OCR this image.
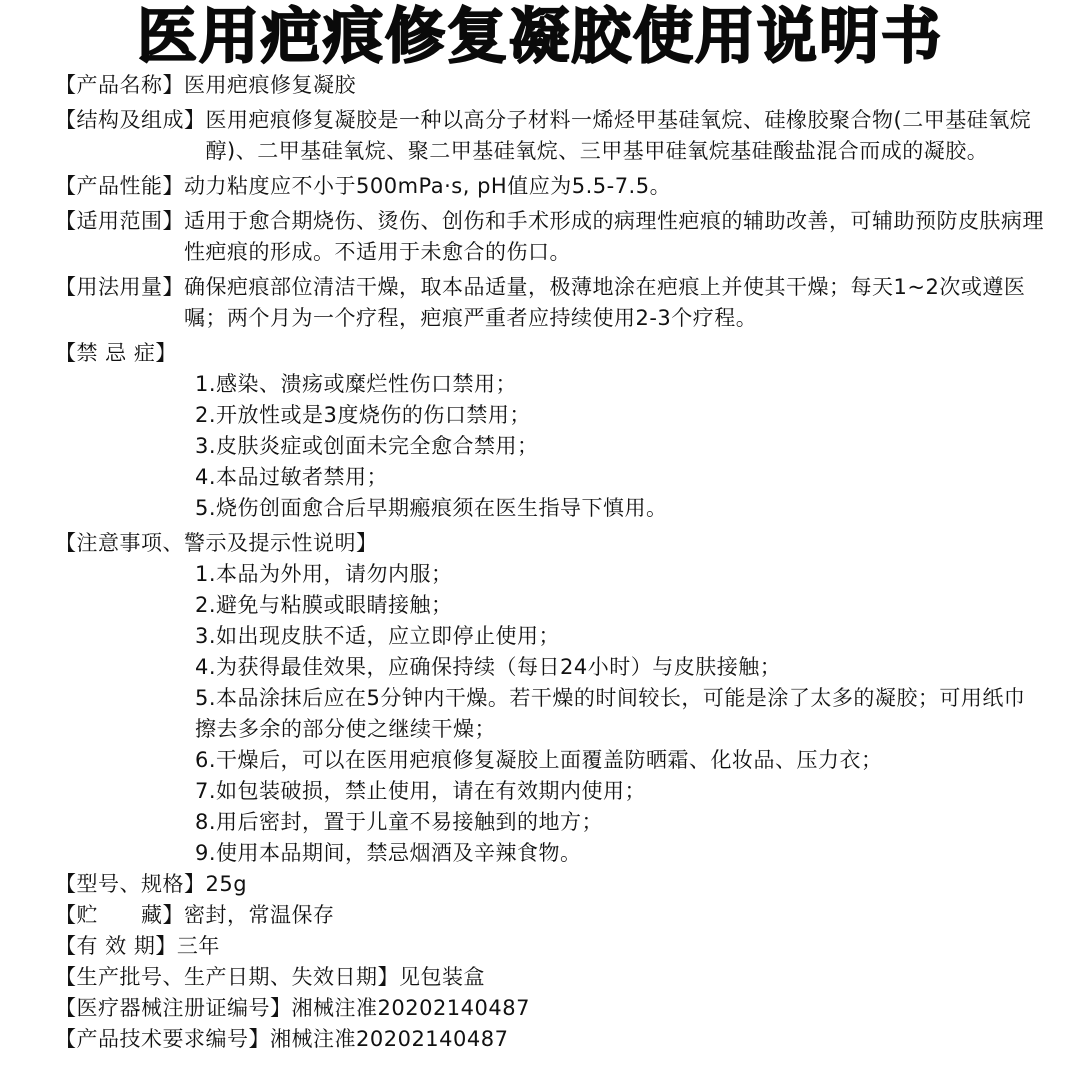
医用疤痕修复凝胶使用说明书
【产品名称】 医用疤痕修复凝胶
【结构及组成】 医用疤痕修复凝胶是一种以高分子材料一烯烃甲基硅氧烷、硅橡胶聚合物(二甲基硅氧烷醇)、二甲基硅氧烷、聚二甲基硅氧烷、三甲基甲硅氧烷基硅酸盐混合而成的凝胶。
【产品性能】 动力粘度应不小于500mPa·s, pH值应为5.5-7.5。
【适用范围】 适用于愈合期烧伤、烫伤、创伤和手术形成的病理性疤痕的辅助改善，可辅助预防皮肤病理性疤痕的形成。不适用于未愈合的伤口。
【用法用量】 确保疤痕部位清洁干燥，取本品适量，极薄地涂在疤痕上并使其干燥；每天1~2次或遵医嘱；两个月为一个疗程，疤痕严重者应持续使用2-3个疗程。
【禁 忌 症】
1.感染、溃疡或糜烂性伤口禁用；
2.开放性或是3度烧伤的伤口禁用；
3.皮肤炎症或创面未完全愈合禁用；
4.本品过敏者禁用；
5.烧伤创面愈合后早期瘢痕须在医生指导下慎用。
【注意事项、警示及提示性说明】
1.本品为外用，请勿内服；
2.避免与粘膜或眼睛接触；
3.如出现皮肤不适，应立即停止使用；
4.为获得最佳效果，应确保持续（每日24小时）与皮肤接触；
5.本品涂抹后应在5分钟内干燥。若干燥的时间较长，可能是涂了太多的凝胶；可用纸巾擦去多余的部分使之继续干燥；
6.干燥后，可以在医用疤痕修复凝胶上面覆盖防晒霜、化妆品、压力衣；
7.如包装破损，禁止使用，请在有效期内使用；
8.用后密封，置于儿童不易接触到的地方；
9.使用本品期间，禁忌烟酒及辛辣食物。
【型号、规格】 25g
【贮　　藏】 密封，常温保存
【有 效 期】 三年
【生产批号、生产日期、失效日期】 见包装盒
【医疗器械注册证编号】 湘械注准20202140487
【产品技术要求编号】 湘械注准20202140487
